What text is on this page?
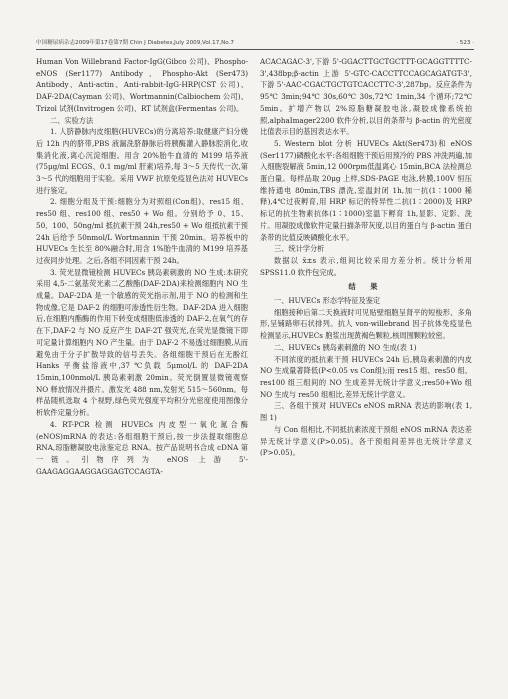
中国糖尿病杂志2009年第17卷第7期 Chin J Diabetes,July 2009,Vol.17,No.7	· 523 ·

Human Von Willebrand Factor-IgG(Gibco 公司)、Phospho-eNOS (Ser1177) Antibody、Phospho-Akt (Ser473) Antibody、Anti-actin、Anti-rabbit-IgG-HRP(CST 公司)、DAF-2DA(Cayman 公司)、Wortmannin(Calbiochem 公司)、Trizol 试剂(Invitrogen 公司)、RT 试剂盒(Fermentas 公司)。

二、实验方法

1. 人脐静脉内皮细胞(HUVECs)的分离培养:取健康产妇分娩后 12h 内的脐带,PBS 液漏洗脐静脉后将胰酶灌入静脉腔消化,收集消化液,离心沉淀细胞。用含 20%胎牛血清的 M199 培养液(75μg/ml ECGS、0.1 mg/ml 肝素)培养,每 3～5 天传代一次,第 3～5 代的细胞用于实验。采用 VWF 抗原免疫显色法对 HUVECs 进行鉴定。

2. 细胞分组及干预:细胞分为对照组(Con组)、res15 组、res50 组、res100 组、res50 + Wo 组。分别给予 0、15、50、100、50ng/ml 抵抗素干预 24h,res50 + Wo 组抵抗素干预 24h 后给予 50nmol/L Wortmannin 干预 20min。培养板中的 HUVECs 生长至 80%融合时,用含 1%胎牛血清的 M199 培养基过夜同步处理。之后,各组不同因素干预 24h。

3. 荧光显微镜检测 HUVECs 胰岛素刺激的 NO 生成:本研究采用 4,5-二氨基荧光素二乙酸酯(DAF-2DA)来检测细胞内 NO 生成量。DAF-2DA 是一个敏感的荧光指示剂,用于 NO 的检测和生物成像,它是 DAF-2 的细胞可渗透性衍生物。DAF-2DA 进入细胞后,在细胞内酯酶的作用下转变成细胞低渗透的 DAF-2,在氧气的存在下,DAF-2 与 NO 反应产生 DAF-2T 强荧光,在荧光显微镜下即可定量计算细胞内 NO 产生量。由于 DAF-2 不易透过细胞膜,从而避免由于分子扩散导致的信号丢失。各组细胞干预后在无酚红 Hanks 平衡盐溶液中,37 ℃负载 5μmol/L 的 DAF-2DA 15min,100nmol/L 胰岛素刺激 20min。荧光倒置显微镜观察 NO 释放情况并摄片。激发光 488 nm,发射光 515～560nm。每样品随机选取 4 个视野,绿色荧光强度平均积分光密度使用图像分析软件定量分析。

4. RT-PCR 检测 HUVECs 内皮型一氧化氮合酶(eNOS)mRNA 的表达:各组细胞干预后,按一步法提取细胞总 RNA,琼脂糖凝胶电泳鉴定总 RNA。按产品说明书合成 cDNA 第一链。引物序列为 eNOS 上游 5'-GAAGAGGAAGGAGGAGTCCAGTA-

ACACAGAC-3',下游 5'-GGACTTGCTGCTTT-GCAGGTTTTC-3',438bp;β-actin 上游 5'-GTC-CACCTTCCAGCAGATGT-3',下游 5'-AAC-CGACTGCTGTCACCTTC-3',287bp。反应条件为 95℃ 3min;94℃ 30s,60℃ 30s,72℃ 1min,34 个循环;72℃ 5min。扩增产物以 2%琼脂糖凝胶电泳,凝胶成像系统拍照,alphaImager2200 软件分析,以目的条带与 β-actin 的光密度比值表示目的基因表达水平。

5. Western blot 分析 HUVECs Akt(Ser473)和 eNOS (Ser1177)磷酸化水平:各组细胞干预后用预冷的 PBS 冲洗两遍,加入细胞裂解液 5min,12 000rpm低温离心 15min,BCA 法检测总蛋白量。每样品取 20μg 上样,SDS-PAGE 电泳,转膜,100V 恒压维持通电 80min,TBS 漂洗,室温封闭 1h,加一抗(1∶1000 稀释),4℃过夜孵育,用 HRP 标记的特异性二抗(1∶2000)及 HRP 标记的抗生物素抗体(1∶1000)室温下孵育 1h,显影、定影、洗片。用凝胶成像软件定量扫描条带灰度,以目的蛋白与 β-actin 蛋白条带的比值反映磷酸化水平。

三、统计学分析

数据以 x̄±s 表示,组间比较采用方差分析。统计分析用 SPSS11.0 软件包完成。

结 果

一、HUVECs 形态学特征及鉴定

细胞接种后第二天换液时可见贴壁细胞呈肾平的短梭形、多角形,呈铺路卵石状排列。抗人 von-willebrand 因子抗体免疫显色检测显示,HUVECs 胞浆出现黄褐色颗粒,核周围颗粒较密。

二、HUVECs 胰岛素刺激的 NO 生成(表 1)

不同浓度的抵抗素干预 HUVECs 24h 后,胰岛素刺激的内皮 NO 生成量著降低(P<0.05 vs Con组);而 res15 组、res50 组、res100 组三组间的 NO 生成差异无统计学意义;res50+Wo 组 NO 生成与 res50 组相比,差异无统计学意义。

三、各组干预对 HUVECs eNOS mRNA 表达的影响(表 1,图 1)

与 Con 组相比,不同抵抗素浓度干预组 eNOS mRNA 表达差异无统计学意义(P>0.05)。各干预组间差异也无统计学意义(P>0.05)。
